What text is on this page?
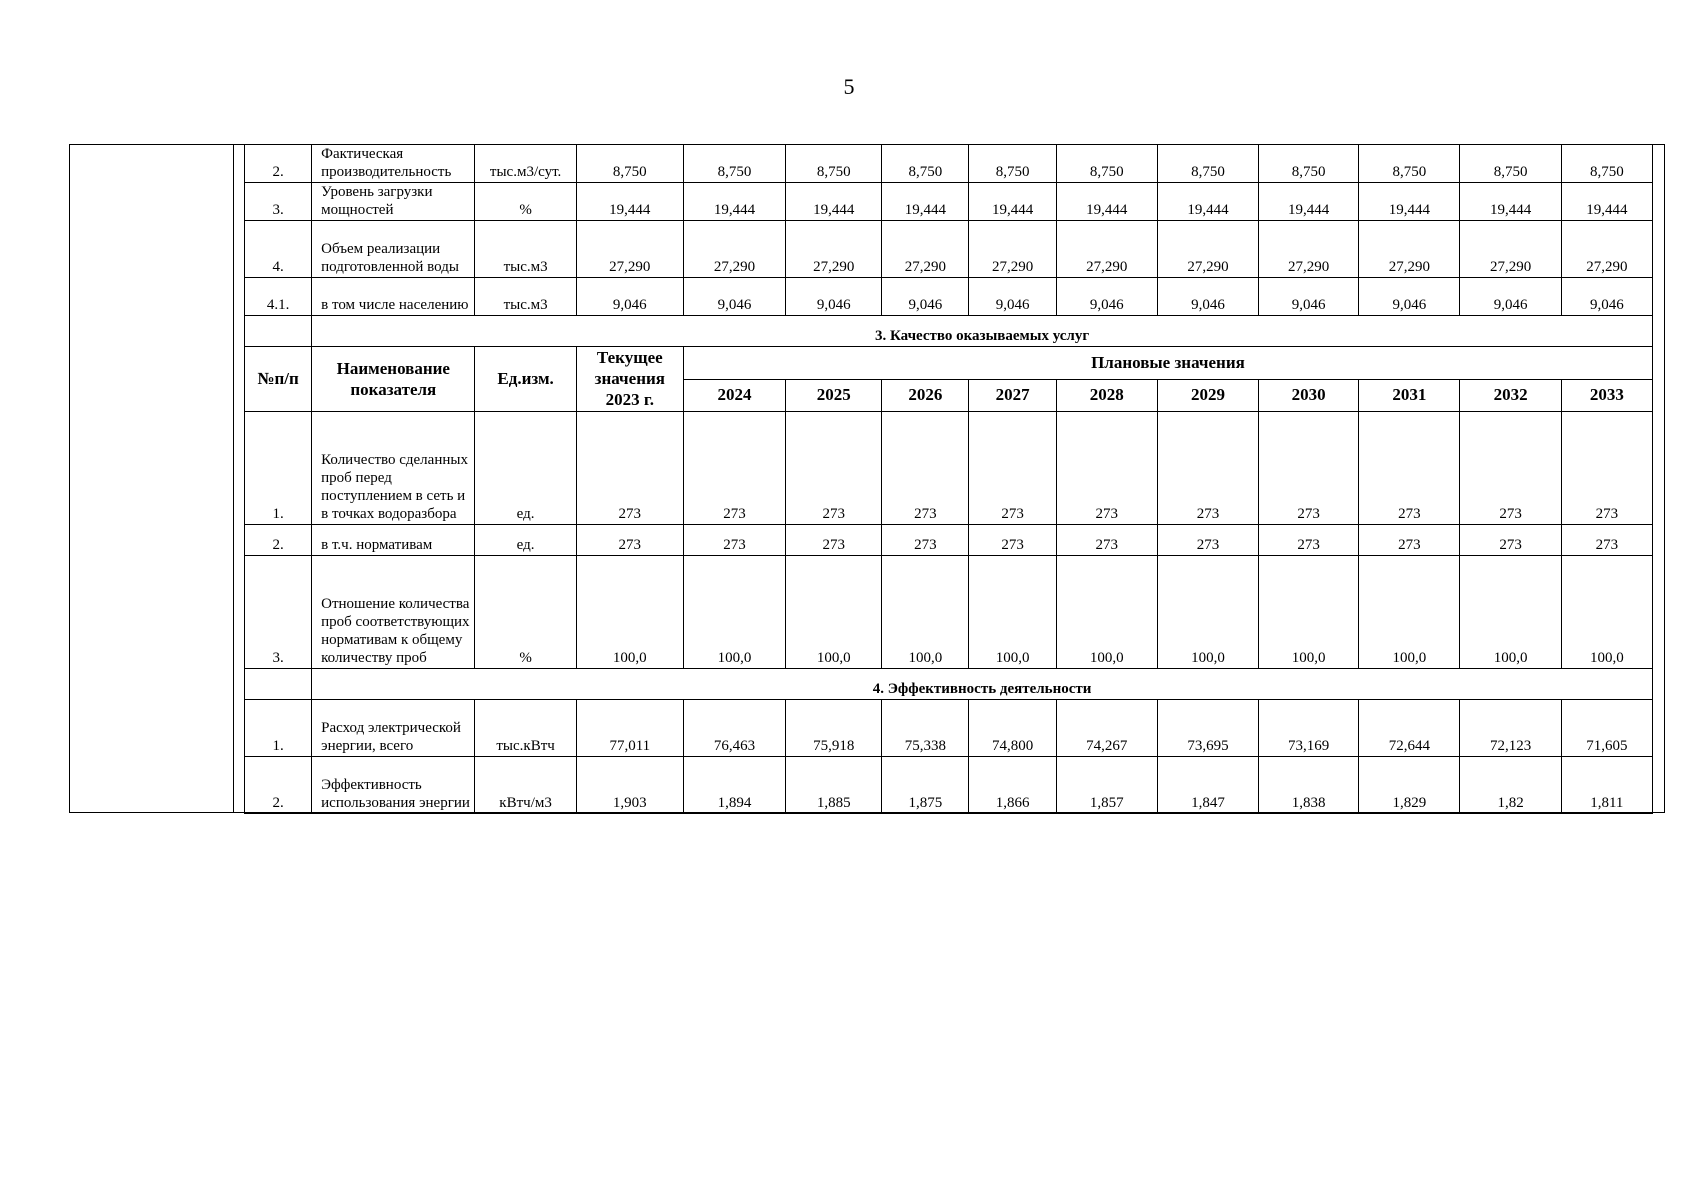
5
2.	Фактическая производительность	тыс.м3/сут.	8,750	8,750	8,750	8,750	8,750	8,750	8,750	8,750	8,750	8,750	8,750
3.	Уровень загрузки мощностей	%	19,444	19,444	19,444	19,444	19,444	19,444	19,444	19,444	19,444	19,444	19,444
4.	Объем реализации подготовленной воды	тыс.м3	27,290	27,290	27,290	27,290	27,290	27,290	27,290	27,290	27,290	27,290	27,290
4.1.	в том числе населению	тыс.м3	9,046	9,046	9,046	9,046	9,046	9,046	9,046	9,046	9,046	9,046	9,046
	3. Качество оказываемых услуг												
№п/п	Наименование показателя	Ед.изм.	Текущее значения 2023 г.	Плановые значения									
				2024	2025	2026	2027	2028	2029	2030	2031	2032	2033
1.	Количество сделанных проб перед поступлением в сеть и в точках водоразбора	ед.	273	273	273	273	273	273	273	273	273	273	273
2.	в т.ч. нормативам	ед.	273	273	273	273	273	273	273	273	273	273	273
3.	Отношение количества проб соответствующих нормативам к общему количеству проб	%	100,0	100,0	100,0	100,0	100,0	100,0	100,0	100,0	100,0	100,0	100,0
	4. Эффективность деятельности												
1.	Расход электрической энергии, всего	тыс.кВтч	77,011	76,463	75,918	75,338	74,800	74,267	73,695	73,169	72,644	72,123	71,605
2.	Эффективность использования энергии	кВтч/м3	1,903	1,894	1,885	1,875	1,866	1,857	1,847	1,838	1,829	1,82	1,811
